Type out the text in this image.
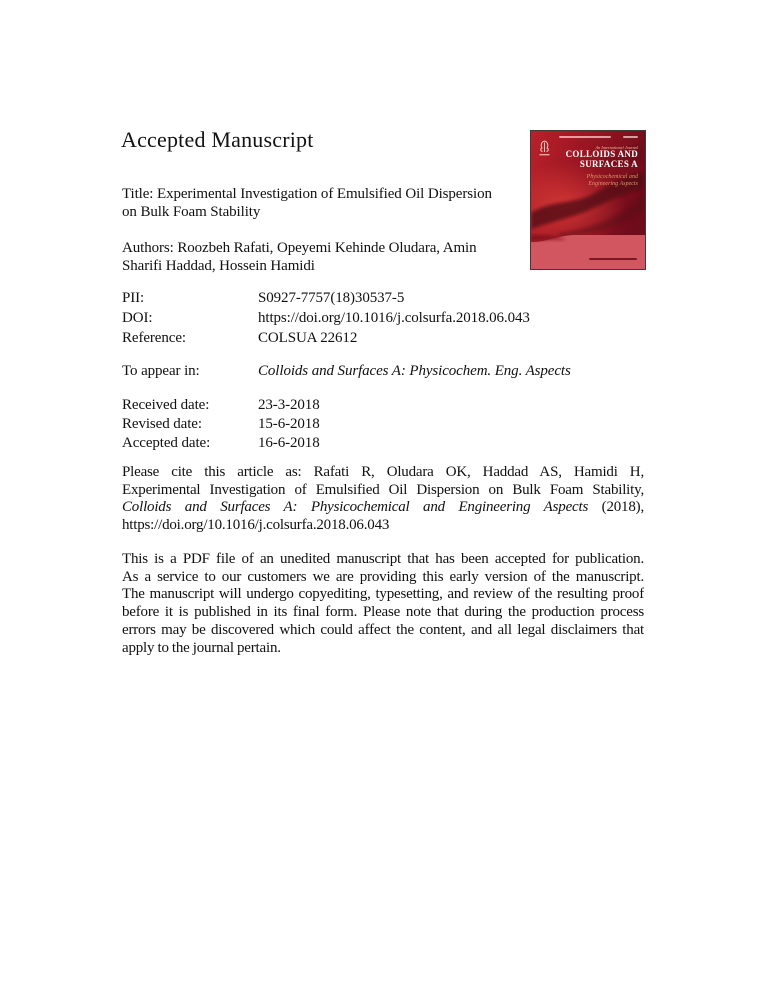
Accepted Manuscript
Title: Experimental Investigation of Emulsified Oil Dispersion
on Bulk Foam Stability
Authors: Roozbeh Rafati, Opeyemi Kehinde Oludara, Amin
Sharifi Haddad, Hossein Hamidi
An International Journal
COLLOIDS AND
SURFACES A
Physicochemical and
Engineering Aspects
PII:	S0927-7757(18)30537-5
DOI:	https://doi.org/10.1016/j.colsurfa.2018.06.043
Reference:	COLSUA 22612
To appear in:	Colloids and Surfaces A: Physicochem. Eng. Aspects
Received date:	23-3-2018
Revised date:	15-6-2018
Accepted date:	16-6-2018
Please cite this article as: Rafati R, Oludara OK, Haddad AS, Hamidi H,
Experimental Investigation of Emulsified Oil Dispersion on Bulk Foam Stability,
Colloids and Surfaces A: Physicochemical and Engineering Aspects (2018),
https://doi.org/10.1016/j.colsurfa.2018.06.043
This is a PDF file of an unedited manuscript that has been accepted for publication.
As a service to our customers we are providing this early version of the manuscript.
The manuscript will undergo copyediting, typesetting, and review of the resulting proof
before it is published in its final form. Please note that during the production process
errors may be discovered which could affect the content, and all legal disclaimers that
apply to the journal pertain.
